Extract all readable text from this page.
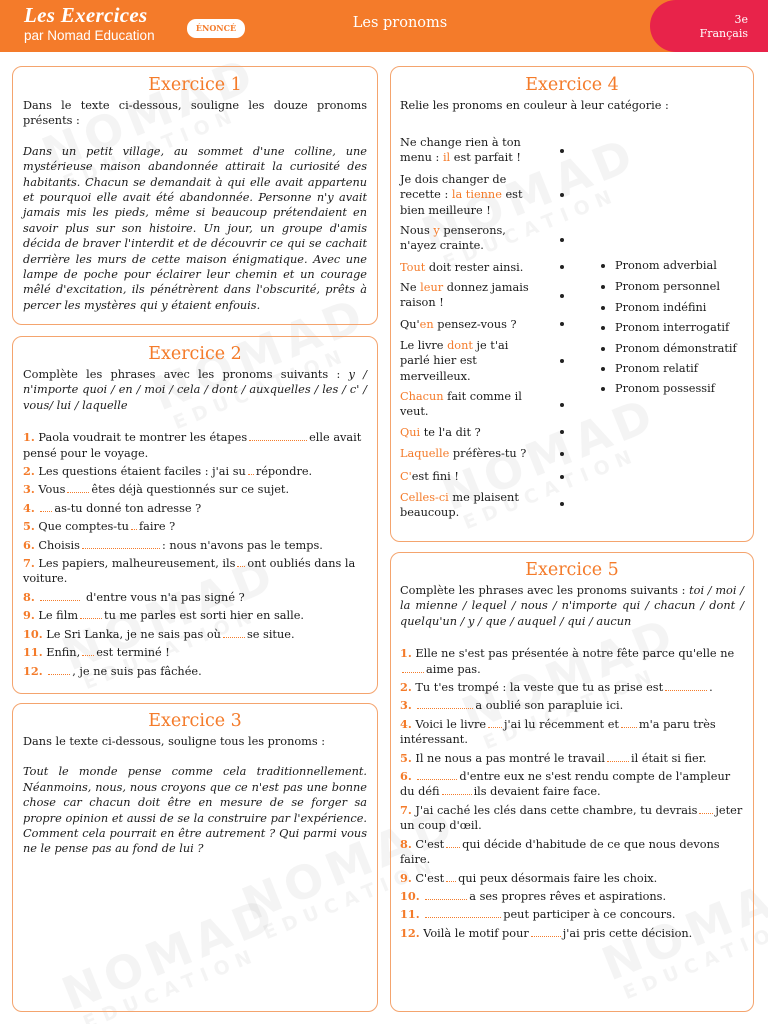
Les Exercices
par Nomad Education	ÉNONCÉ	Les pronoms	3e
Français
Exercice 1
Dans le texte ci-dessous, souligne les douze pronoms présents :
Dans un petit village, au sommet d'une colline, une mystérieuse maison abandonnée attirait la curiosité des habitants. Chacun se demandait à qui elle avait appartenu et pourquoi elle avait été abandonnée. Personne n'y avait jamais mis les pieds, même si beaucoup prétendaient en savoir plus sur son histoire. Un jour, un groupe d'amis décida de braver l'interdit et de découvrir ce qui se cachait derrière les murs de cette maison énigmatique. Avec une lampe de poche pour éclairer leur chemin et un courage mêlé d'excitation, ils pénétrèrent dans l'obscurité, prêts à percer les mystères qui y étaient enfouis.
Exercice 2
Complète les phrases avec les pronoms suivants : y / n'importe quoi / en / moi / cela / dont / auxquelles / les / c' / vous/ lui / laquelle
1. Paola voudrait te montrer les étapes	elle avait pensé pour le voyage.
2. Les questions étaient faciles : j'ai su répondre.
3. Vous êtes déjà questionnés sur ce sujet.
4. as-tu donné ton adresse ?
5. Que comptes-tu faire ?
6. Choisis	: nous n'avons pas le temps.
7. Les papiers, malheureusement, ils ont oubliés dans la voiture.
8.	d'entre vous n'a pas signé ?
9. Le film tu me parles est sorti hier en salle.
10. Le Sri Lanka, je ne sais pas où se situe.
11. Enfin, est terminé !
12.	, je ne suis pas fâchée.
Exercice 3
Dans le texte ci-dessous, souligne tous les pronoms :
Tout le monde pense comme cela traditionnellement. Néanmoins, nous, nous croyons que ce n'est pas une bonne chose car chacun doit être en mesure de se forger sa propre opinion et aussi de se la construire par l'expérience. Comment cela pourrait en être autrement ? Qui parmi vous ne le pense pas au fond de lui ?
Exercice 4
Relie les pronoms en couleur à leur catégorie :
Ne change rien à ton menu : il est parfait !
Je dois changer de recette : la tienne est bien meilleure !
Nous y penserons, n'ayez crainte.
Tout doit rester ainsi.
Ne leur donnez jamais raison !
Qu'en pensez-vous ?
Le livre dont je t'ai parlé hier est merveilleux.
Chacun fait comme il veut.
Qui te l'a dit ?
Laquelle préfères-tu ?
C'est fini !
Celles-ci me plaisent beaucoup.
Pronom adverbial
Pronom personnel
Pronom indéfini
Pronom interrogatif
Pronom démonstratif
Pronom relatif
Pronom possessif
Exercice 5
Complète les phrases avec les pronoms suivants : toi / moi / la mienne / lequel / nous / n'importe qui / chacun / dont / quelqu'un / y / que / auquel / qui / aucun
1. Elle ne s'est pas présentée à notre fête parce qu'elle ne aime pas.
2. Tu t'es trompé : la veste que tu as prise est	.
3.	a oublié son parapluie ici.
4. Voici le livre j'ai lu récemment et m'a paru très intéressant.
5. Il ne nous a pas montré le travail il était si fier.
6.	d'entre eux ne s'est rendu compte de l'ampleur du défi	ils devaient faire face.
7. J'ai caché les clés dans cette chambre, tu devrais jeter un coup d'œil.
8. C'est qui décide d'habitude de ce que nous devons faire.
9. C'est qui peux désormais faire les choix.
10.	a ses propres rêves et aspirations.
11.	peut participer à ce concours.
12. Voilà le motif pour	j'ai pris cette décision.
